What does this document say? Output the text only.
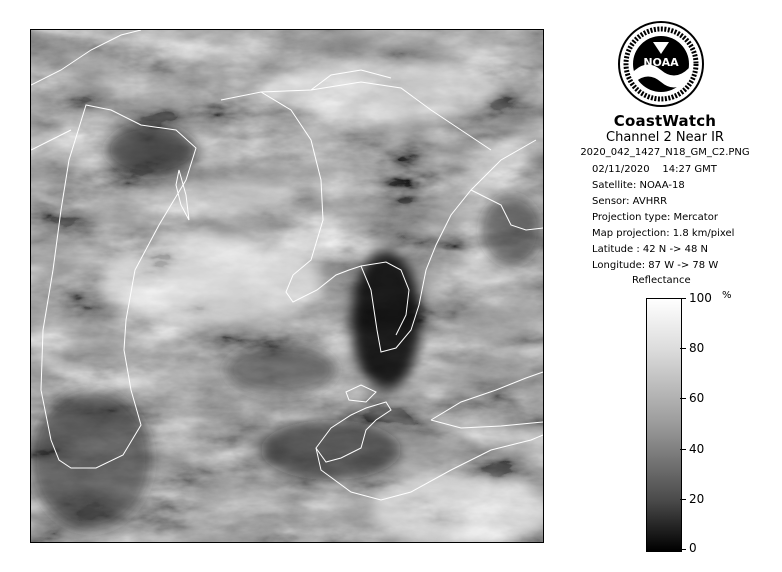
NOAA
CoastWatch
Channel 2 Near IR
2020_042_1427_N18_GM_C2.PNG
02/11/2020 14:27 GMT
Satellite: NOAA-18
Sensor: AVHRR
Projection type: Mercator
Map projection: 1.8 km/pixel
Latitude : 42 N -> 48 N
Longitude: 87 W -> 78 W
Reflectance
%
100
80
60
40
20
0
